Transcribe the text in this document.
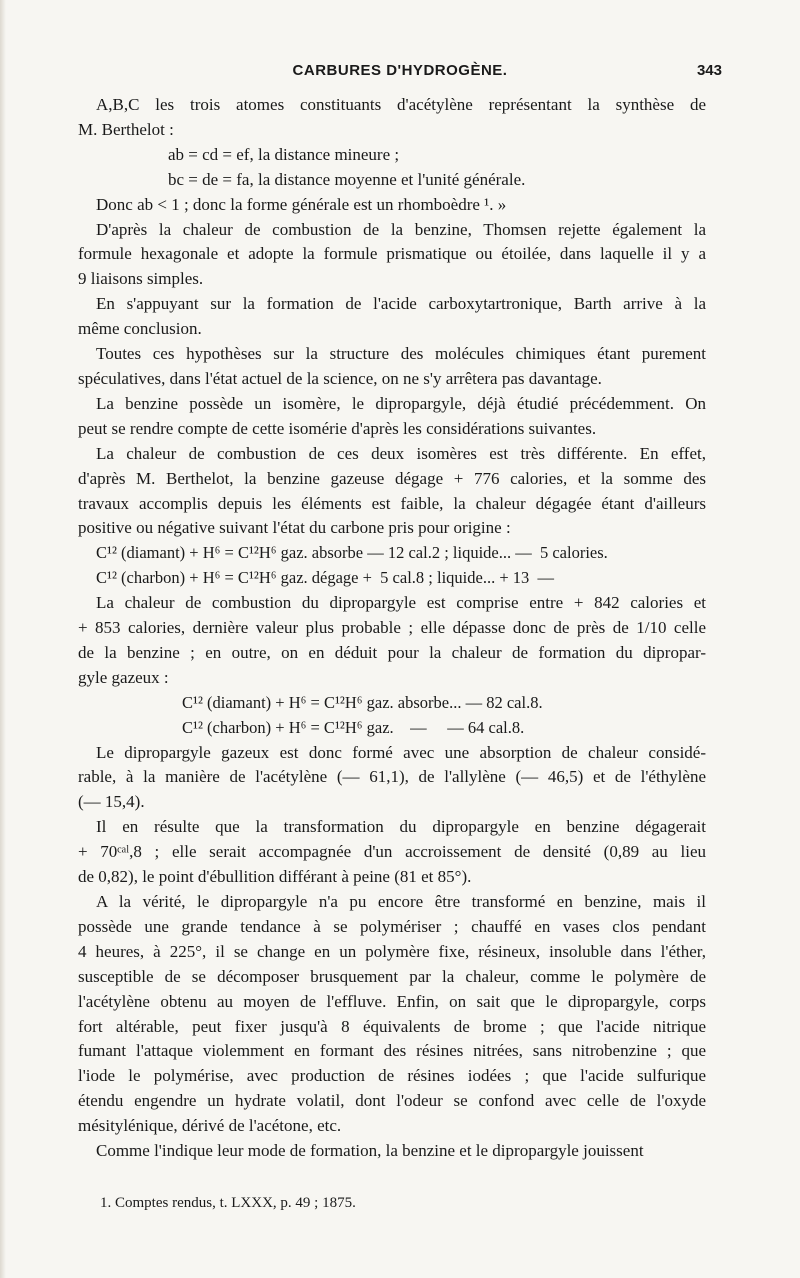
CARBURES D'HYDROGÈNE.	343
A,B,C les trois atomes constituants d'acétylène représentant la synthèse de
M. Berthelot :
ab = cd = ef, la distance mineure ;
bc = de = fa, la distance moyenne et l'unité générale.
Donc ab < 1 ; donc la forme générale est un rhomboèdre ¹. »
D'après la chaleur de combustion de la benzine, Thomsen rejette également la
formule hexagonale et adopte la formule prismatique ou étoilée, dans laquelle il y a
9 liaisons simples.
En s'appuyant sur la formation de l'acide carboxytartronique, Barth arrive à la
même conclusion.
Toutes ces hypothèses sur la structure des molécules chimiques étant purement
spéculatives, dans l'état actuel de la science, on ne s'y arrêtera pas davantage.
La benzine possède un isomère, le dipropargyle, déjà étudié précédemment. On
peut se rendre compte de cette isomérie d'après les considérations suivantes.
La chaleur de combustion de ces deux isomères est très différente. En effet,
d'après M. Berthelot, la benzine gazeuse dégage + 776 calories, et la somme des
travaux accomplis depuis les éléments est faible, la chaleur dégagée étant d'ailleurs
positive ou négative suivant l'état du carbone pris pour origine :
C¹² (diamant) + H⁶ = C¹²H⁶ gaz. absorbe — 12 cal.2 ; liquide... —  5 calories.
C¹² (charbon) + H⁶ = C¹²H⁶ gaz. dégage +  5 cal.8 ; liquide... + 13  —
La chaleur de combustion du dipropargyle est comprise entre + 842 calories et
+ 853 calories, dernière valeur plus probable ; elle dépasse donc de près de 1/10 celle
de la benzine ; en outre, on en déduit pour la chaleur de formation du dipropar-
gyle gazeux :
C¹² (diamant) + H⁶ = C¹²H⁶ gaz. absorbe... — 82 cal.8.
C¹² (charbon) + H⁶ = C¹²H⁶ gaz.    —     — 64 cal.8.
Le dipropargyle gazeux est donc formé avec une absorption de chaleur considé-
rable, à la manière de l'acétylène (— 61,1), de l'allylène (— 46,5) et de l'éthylène
(— 15,4).
Il en résulte que la transformation du dipropargyle en benzine dégagerait
+ 70ᶜᵃˡ,8 ; elle serait accompagnée d'un accroissement de densité (0,89 au lieu
de 0,82), le point d'ébullition différant à peine (81 et 85°).
A la vérité, le dipropargyle n'a pu encore être transformé en benzine, mais il
possède une grande tendance à se polymériser ; chauffé en vases clos pendant
4 heures, à 225°, il se change en un polymère fixe, résineux, insoluble dans l'éther,
susceptible de se décomposer brusquement par la chaleur, comme le polymère de
l'acétylène obtenu au moyen de l'effluve. Enfin, on sait que le dipropargyle, corps
fort altérable, peut fixer jusqu'à 8 équivalents de brome ; que l'acide nitrique
fumant l'attaque violemment en formant des résines nitrées, sans nitrobenzine ; que
l'iode le polymérise, avec production de résines iodées ; que l'acide sulfurique
étendu engendre un hydrate volatil, dont l'odeur se confond avec celle de l'oxyde
mésitylénique, dérivé de l'acétone, etc.
Comme l'indique leur mode de formation, la benzine et le dipropargyle jouissent
1. Comptes rendus, t. LXXX, p. 49 ; 1875.
